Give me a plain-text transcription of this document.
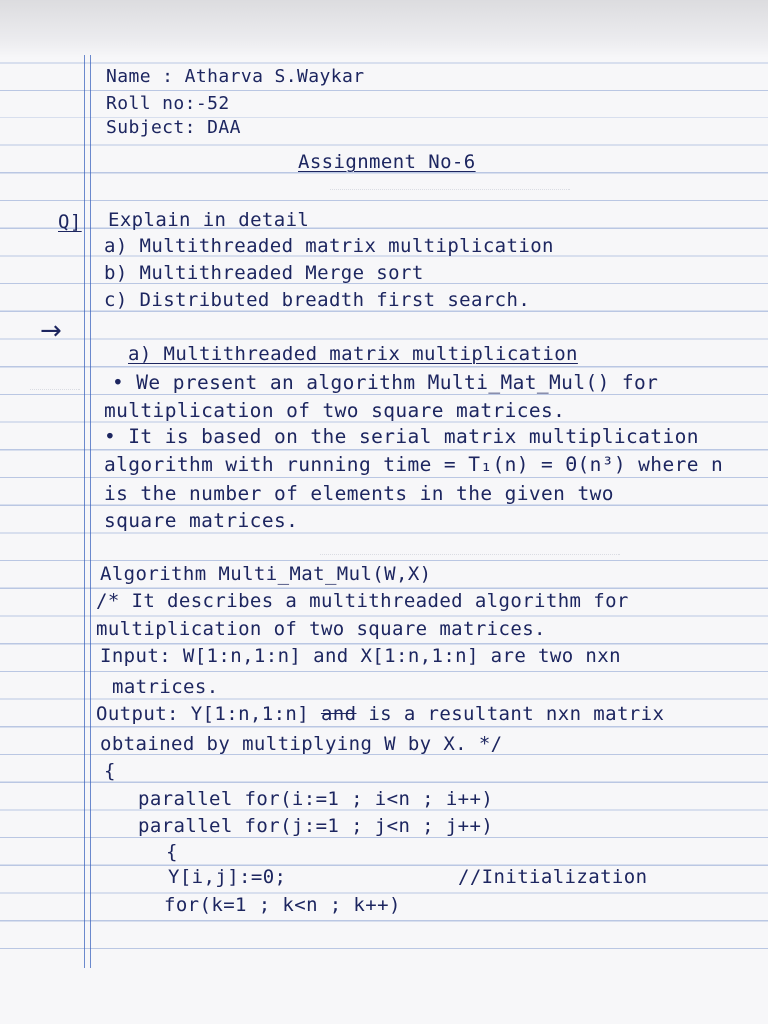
Name : Atharva S.Waykar
Roll no:-52
Subject: DAA
Assignment No-6
Q] Explain in detail
a) Multithreaded matrix multiplication
b) Multithreaded Merge sort
c) Distributed breadth first search.
→
a) Multithreaded matrix multiplication
• We present an algorithm Multi_Mat_Mul() for
multiplication of two square matrices.
• It is based on the serial matrix multiplication
algorithm with running time = T₁(n) = Θ(n³) where n
is the number of elements in the given two
square matrices.
Algorithm Multi_Mat_Mul(W,X)
/* It describes a multithreaded algorithm for
multiplication of two square matrices.
Input: W[1:n,1:n] and X[1:n,1:n] are two nxn
matrices.
Output: Y[1:n,1:n] and is a resultant nxn matrix
obtained by multiplying W by X. */
{
parallel for(i:=1 ; i<n ; i++)
parallel for(j:=1 ; j<n ; j++)
{
Y[i,j]:=0;	//Initialization
for(k=1 ; k<n ; k++)
